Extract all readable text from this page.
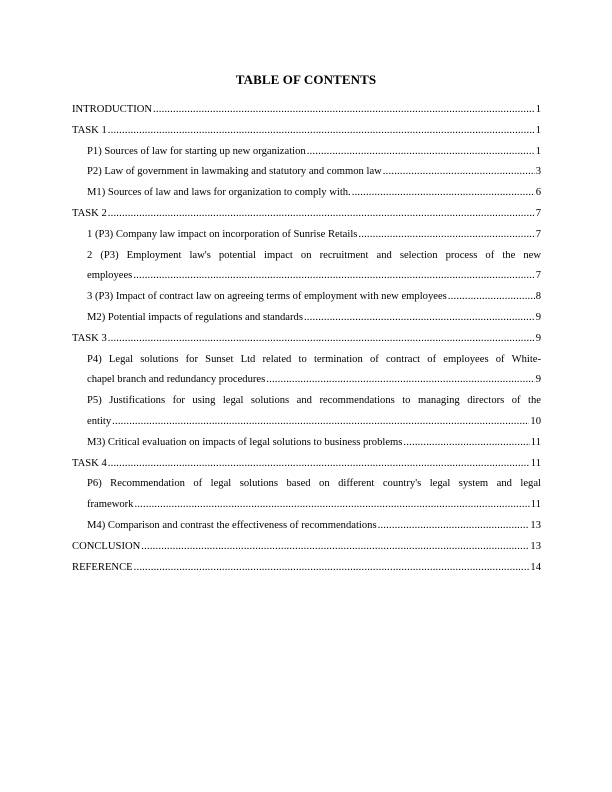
TABLE OF CONTENTS
INTRODUCTION .....	1
TASK 1 .....	1
P1) Sources of law for starting up new organization .....	1
P2) Law of government in lawmaking and statutory and common law .....	3
M1) Sources of law and laws for organization to comply with. .....	6
TASK 2 .....	7
1 (P3) Company law impact on incorporation of Sunrise Retails .....	7
2 (P3) Employment law's potential impact on recruitment and selection process of the new
employees .....	7
3 (P3) Impact of contract law on agreeing terms of employment with new employees .....	8
M2) Potential impacts of regulations and standards .....	9
TASK 3 .....	9
P4) Legal solutions for Sunset Ltd related to termination of contract of employees of White-
chapel branch and redundancy procedures .....	9
P5) Justifications for using legal solutions and recommendations to managing directors of the
entity .....	10
M3) Critical evaluation on impacts of legal solutions to business problems .....	11
TASK 4 .....	11
P6) Recommendation of legal solutions based on different country's legal system and legal
framework .....	11
M4) Comparison and contrast the effectiveness of recommendations .....	13
CONCLUSION .....	13
REFERENCE .....	14
